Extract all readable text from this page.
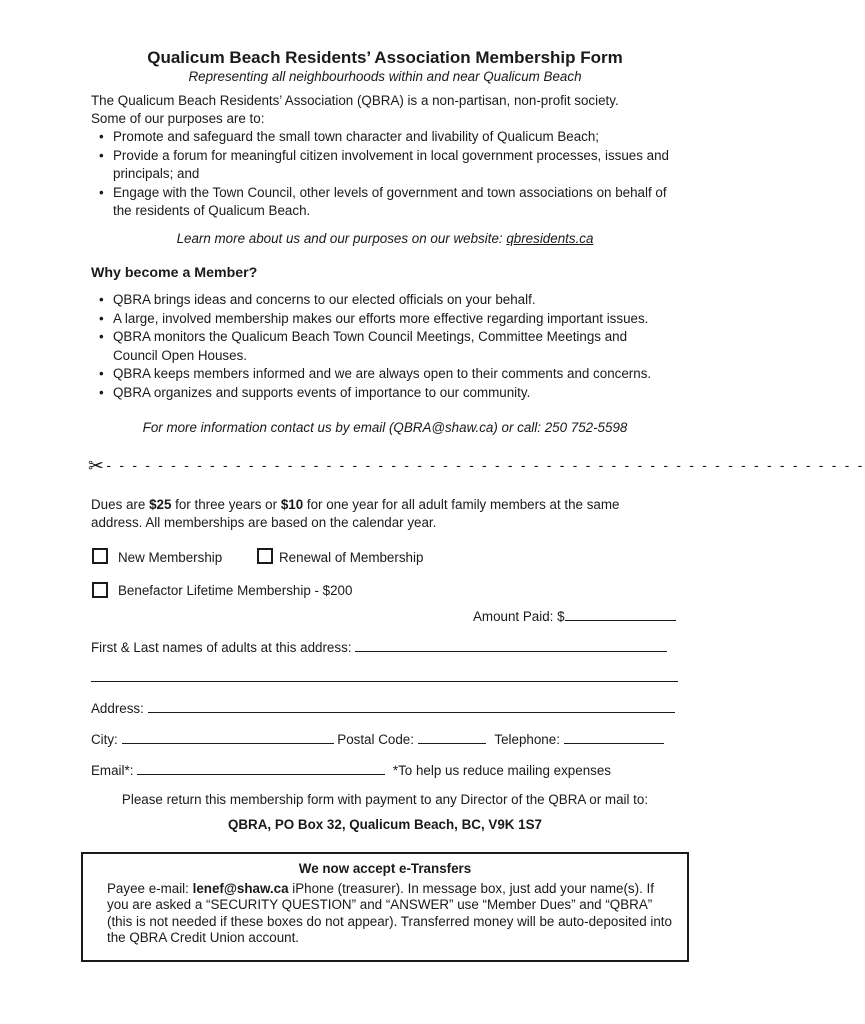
Qualicum Beach Residents’ Association Membership Form
Representing all neighbourhoods within and near Qualicum Beach
The Qualicum Beach Residents’ Association (QBRA) is a non-partisan, non-profit society.
Some of our purposes are to:
• Promote and safeguard the small town character and livability of Qualicum Beach;
• Provide a forum for meaningful citizen involvement in local government processes, issues and principals; and
• Engage with the Town Council, other levels of government and town associations on behalf of the residents of Qualicum Beach.
Learn more about us and our purposes on our website: qbresidents.ca
Why become a Member?
• QBRA brings ideas and concerns to our elected officials on your behalf.
• A large, involved membership makes our efforts more effective regarding important issues.
• QBRA monitors the Qualicum Beach Town Council Meetings, Committee Meetings and Council Open Houses.
• QBRA keeps members informed and we are always open to their comments and concerns.
• QBRA organizes and supports events of importance to our community.
For more information contact us by email (QBRA@shaw.ca) or call: 250 752-5598
✂ - - - - - - - - - - - - - - - - - - - - - - - - - - - - - - - - - - - - - - - - - - - - - - - - - - - - - - - - - - -
Dues are $25 for three years or $10 for one year for all adult family members at the same
address. All memberships are based on the calendar year.
New Membership	Renewal of Membership
Benefactor Lifetime Membership - $200
Amount Paid: $
First & Last names of adults at this address:
Address:
City:	Postal Code:	Telephone:
Email*:	*To help us reduce mailing expenses
Please return this membership form with payment to any Director of the QBRA or mail to:
QBRA, PO Box 32, Qualicum Beach, BC, V9K 1S7
We now accept e-Transfers
Payee e-mail: lenef@shaw.ca iPhone (treasurer). In message box, just add your name(s). If you are asked a “SECURITY QUESTION” and “ANSWER” use “Member Dues” and “QBRA” (this is not needed if these boxes do not appear). Transferred money will be auto-deposited into the QBRA Credit Union account.
